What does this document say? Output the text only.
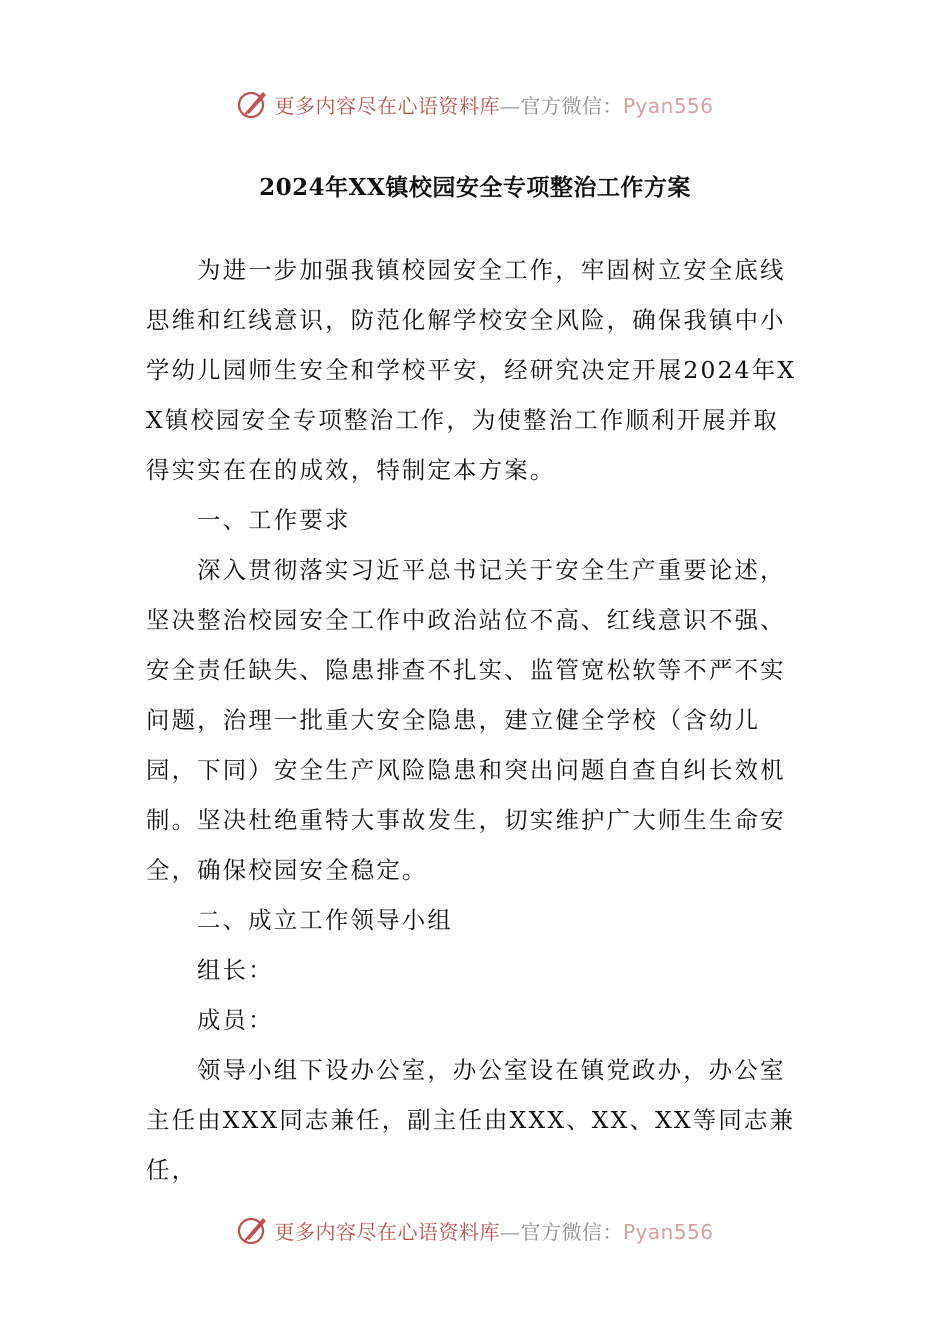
更多内容尽在心语资料库—官方微信：Pyan556
2024年XX镇校园安全专项整治工作方案

为进一步加强我镇校园安全工作，牢固树立安全底线思维和红线意识，防范化解学校安全风险，确保我镇中小学幼儿园师生安全和学校平安，经研究决定开展2024年XX镇校园安全专项整治工作，为使整治工作顺利开展并取得实实在在的成效，特制定本方案。

一、工作要求

深入贯彻落实习近平总书记关于安全生产重要论述，坚决整治校园安全工作中政治站位不高、红线意识不强、安全责任缺失、隐患排查不扎实、监管宽松软等不严不实问题，治理一批重大安全隐患，建立健全学校（含幼儿园，下同）安全生产风险隐患和突出问题自查自纠长效机制。坚决杜绝重特大事故发生，切实维护广大师生生命安全，确保校园安全稳定。

二、成立工作领导小组

组长：

成员：

领导小组下设办公室，办公室设在镇党政办，办公室主任由XXX同志兼任，副主任由XXX、XX、XX等同志兼任，

更多内容尽在心语资料库—官方微信：Pyan556
